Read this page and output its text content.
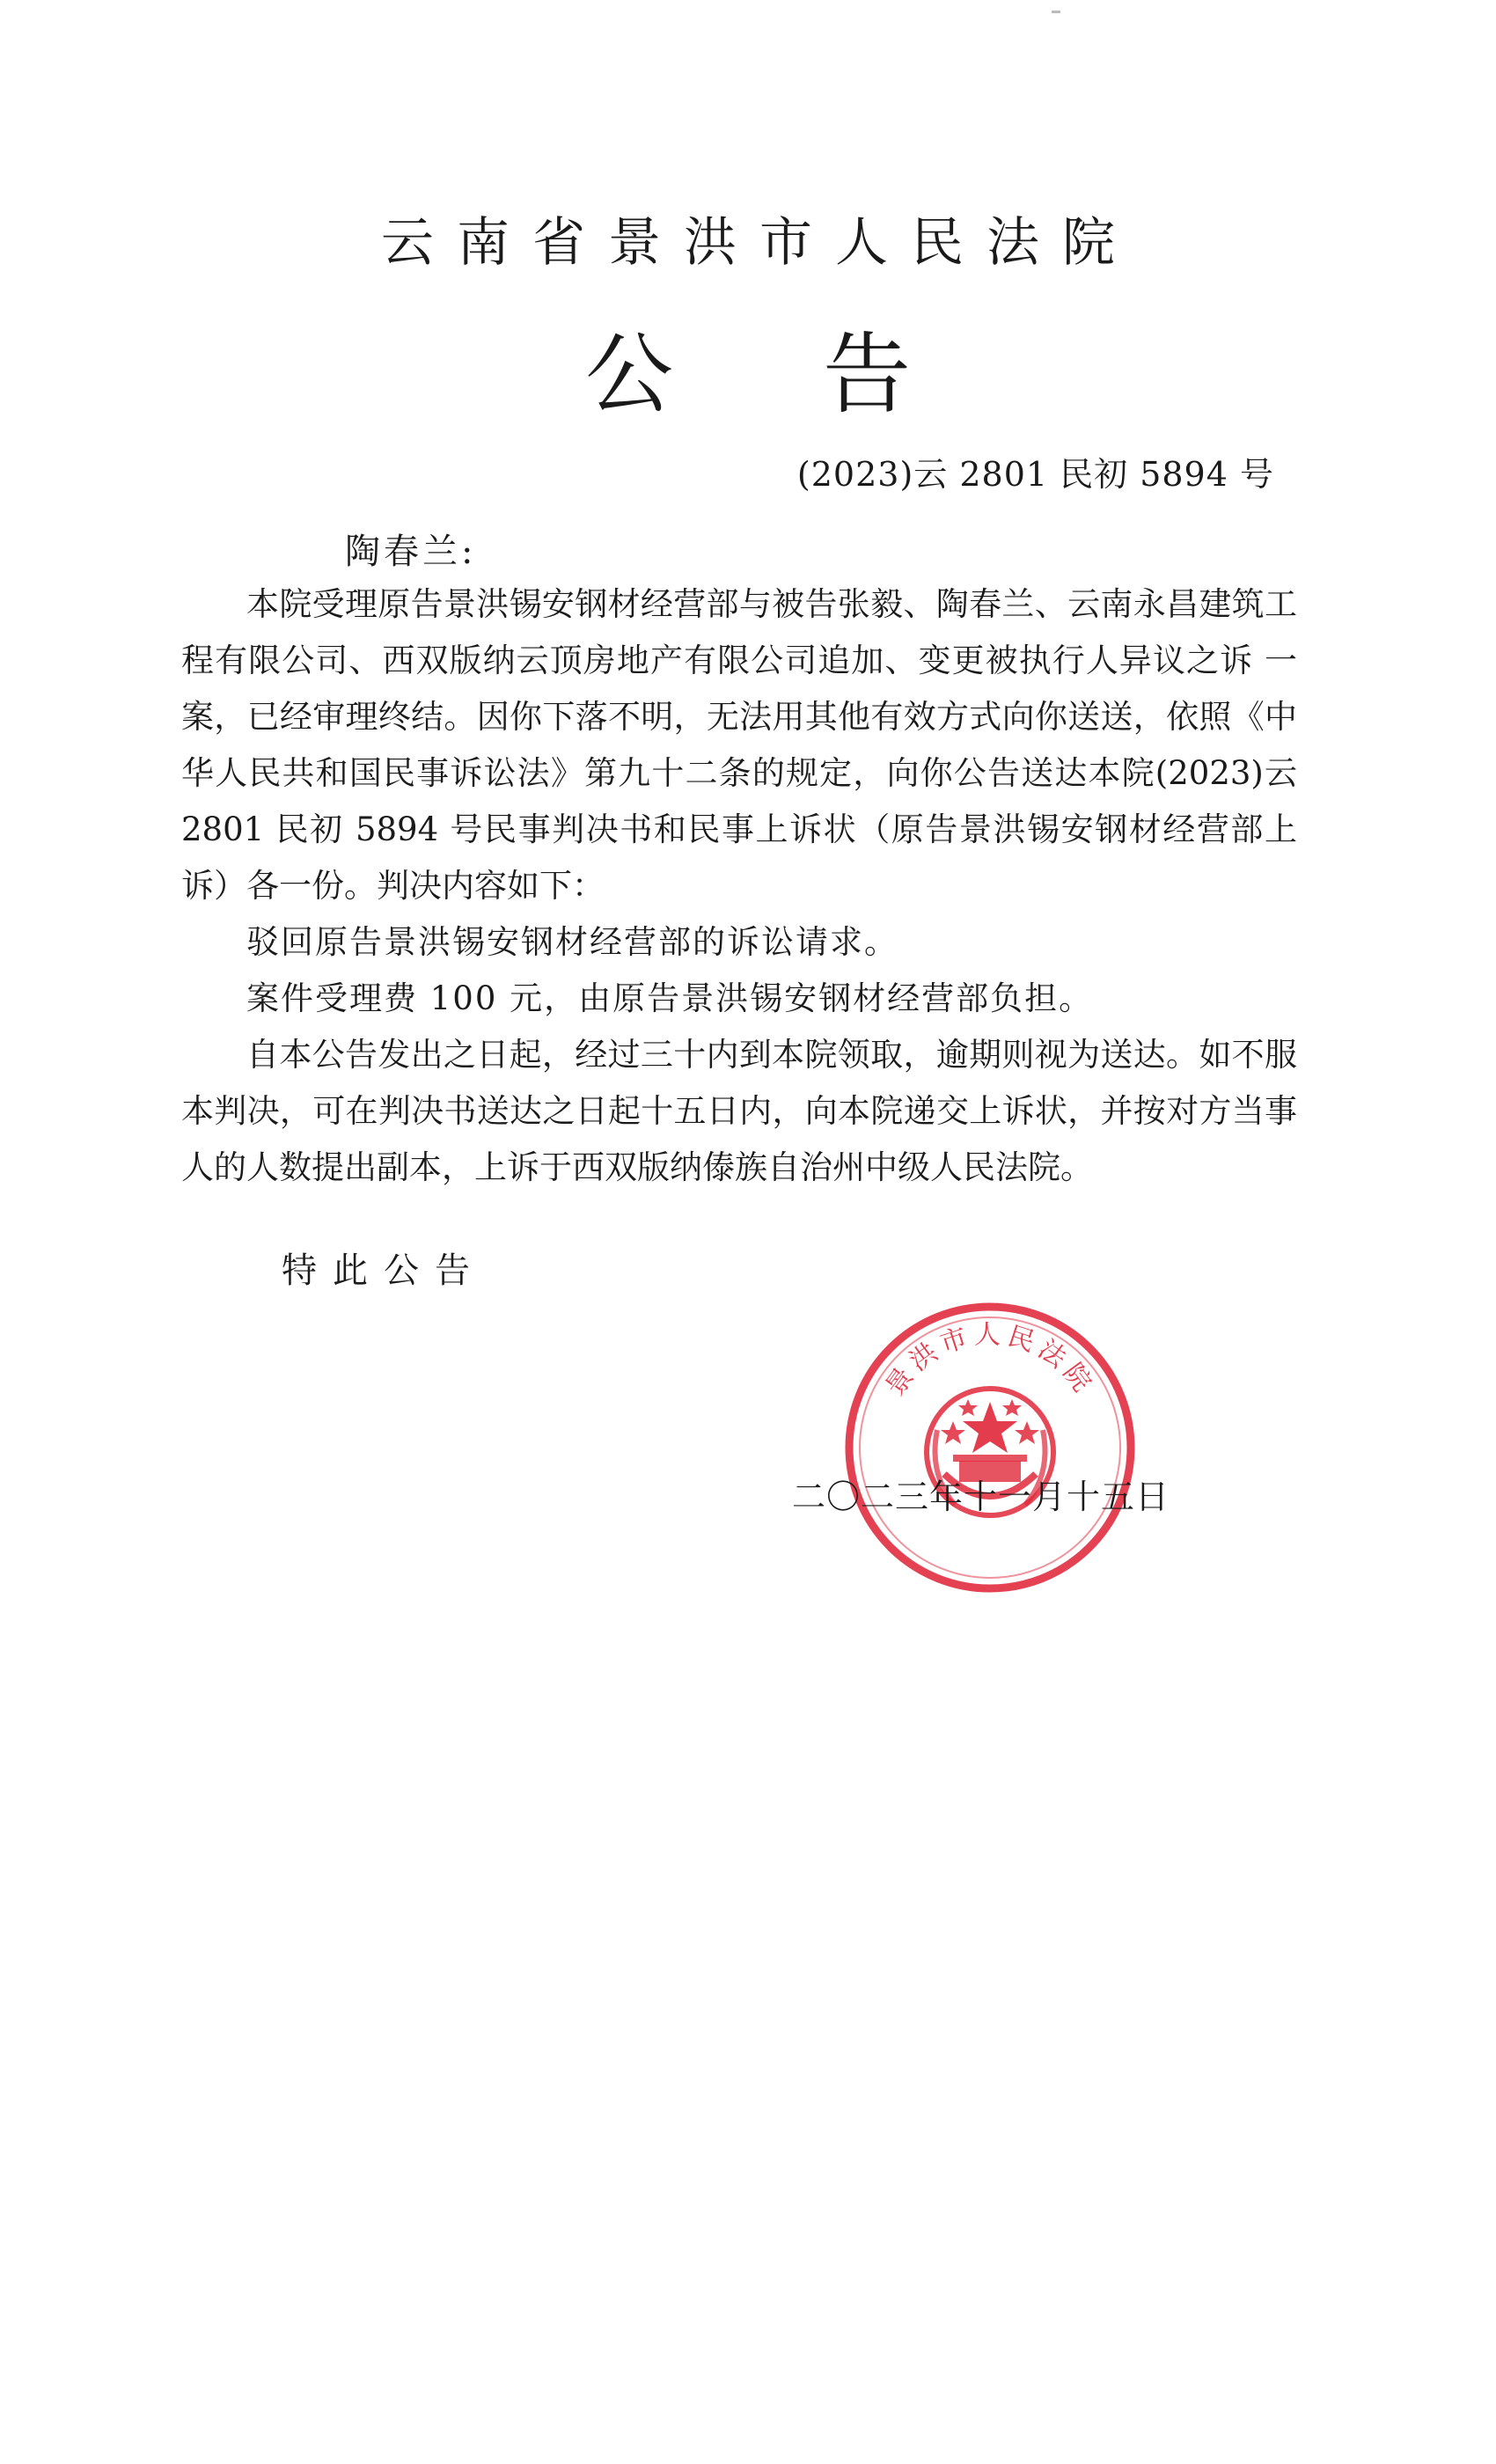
云南省景洪市人民法院
公告
(2023)云 2801 民初 5894 号
陶春兰:

本院受理原告景洪锡安钢材经营部与被告张毅、陶春兰、云南永昌建筑工程有限公司、西双版纳云顶房地产有限公司追加、变更被执行人异议之诉 一案，已经审理终结。因你下落不明，无法用其他有效方式向你送送，依照《中华人民共和国民事诉讼法》第九十二条的规定，向你公告送达本院(2023)云 2801 民初 5894 号民事判决书和民事上诉状（原告景洪锡安钢材经营部上诉）各一份。判决内容如下：

驳回原告景洪锡安钢材经营部的诉讼请求。

案件受理费 100 元，由原告景洪锡安钢材经营部负担。

自本公告发出之日起，经过三十内到本院领取，逾期则视为送达。如不服本判决，可在判决书送达之日起十五日内，向本院递交上诉状，并按对方当事人的人数提出副本，上诉于西双版纳傣族自治州中级人民法院。

特此公告
景洪市人民法院
二〇二三年十一月十五日
